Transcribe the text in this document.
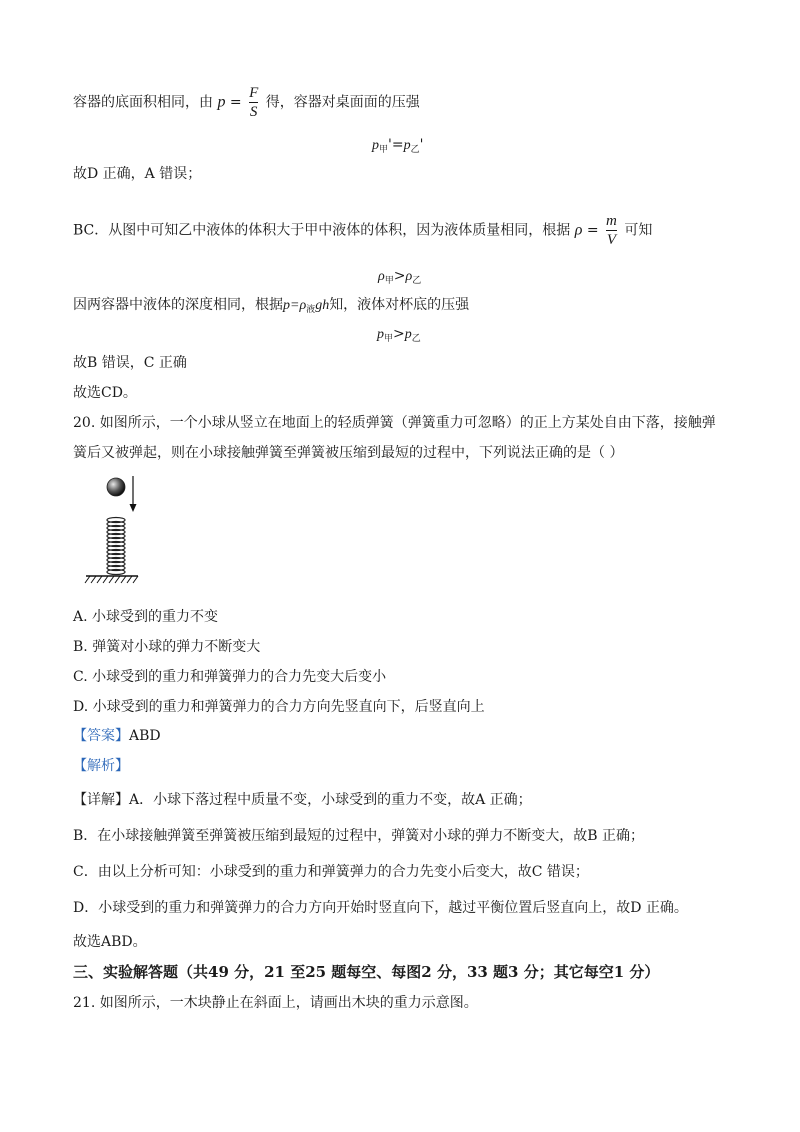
容器的底面积相同，由 $p = \frac{F}{S}$ 得，容器对桌面面的压强
$p_甲'=p_乙'$
故D 正确，A 错误；
BC．从图中可知乙中液体的体积大于甲中液体的体积，因为液体质量相同，根据 $\rho = \frac{m}{V}$ 可知
$\rho_甲>\rho_乙$
因两容器中液体的深度相同，根据$p=\rho_液gh$知，液体对杯底的压强
$p_甲>p_乙$
故B 错误，C 正确
故选CD。
20. 如图所示，一个小球从竖立在地面上的轻质弹簧（弹簧重力可忽略）的正上方某处自由下落，接触弹
簧后又被弹起，则在小球接触弹簧至弹簧被压缩到最短的过程中，下列说法正确的是（ ）
A. 小球受到的重力不变
B. 弹簧对小球的弹力不断变大
C. 小球受到的重力和弹簧弹力的合力先变大后变小
D. 小球受到的重力和弹簧弹力的合力方向先竖直向下，后竖直向上
【答案】ABD
【解析】
【详解】A．小球下落过程中质量不变，小球受到的重力不变，故A 正确；
B．在小球接触弹簧至弹簧被压缩到最短的过程中，弹簧对小球的弹力不断变大，故B 正确；
C．由以上分析可知：小球受到的重力和弹簧弹力的合力先变小后变大，故C 错误；
D．小球受到的重力和弹簧弹力的合力方向开始时竖直向下，越过平衡位置后竖直向上，故D 正确。
故选ABD。
三、实验解答题（共49 分，21 至25 题每空、每图2 分，33 题3 分；其它每空1 分）
21. 如图所示，一木块静止在斜面上，请画出木块的重力示意图。
